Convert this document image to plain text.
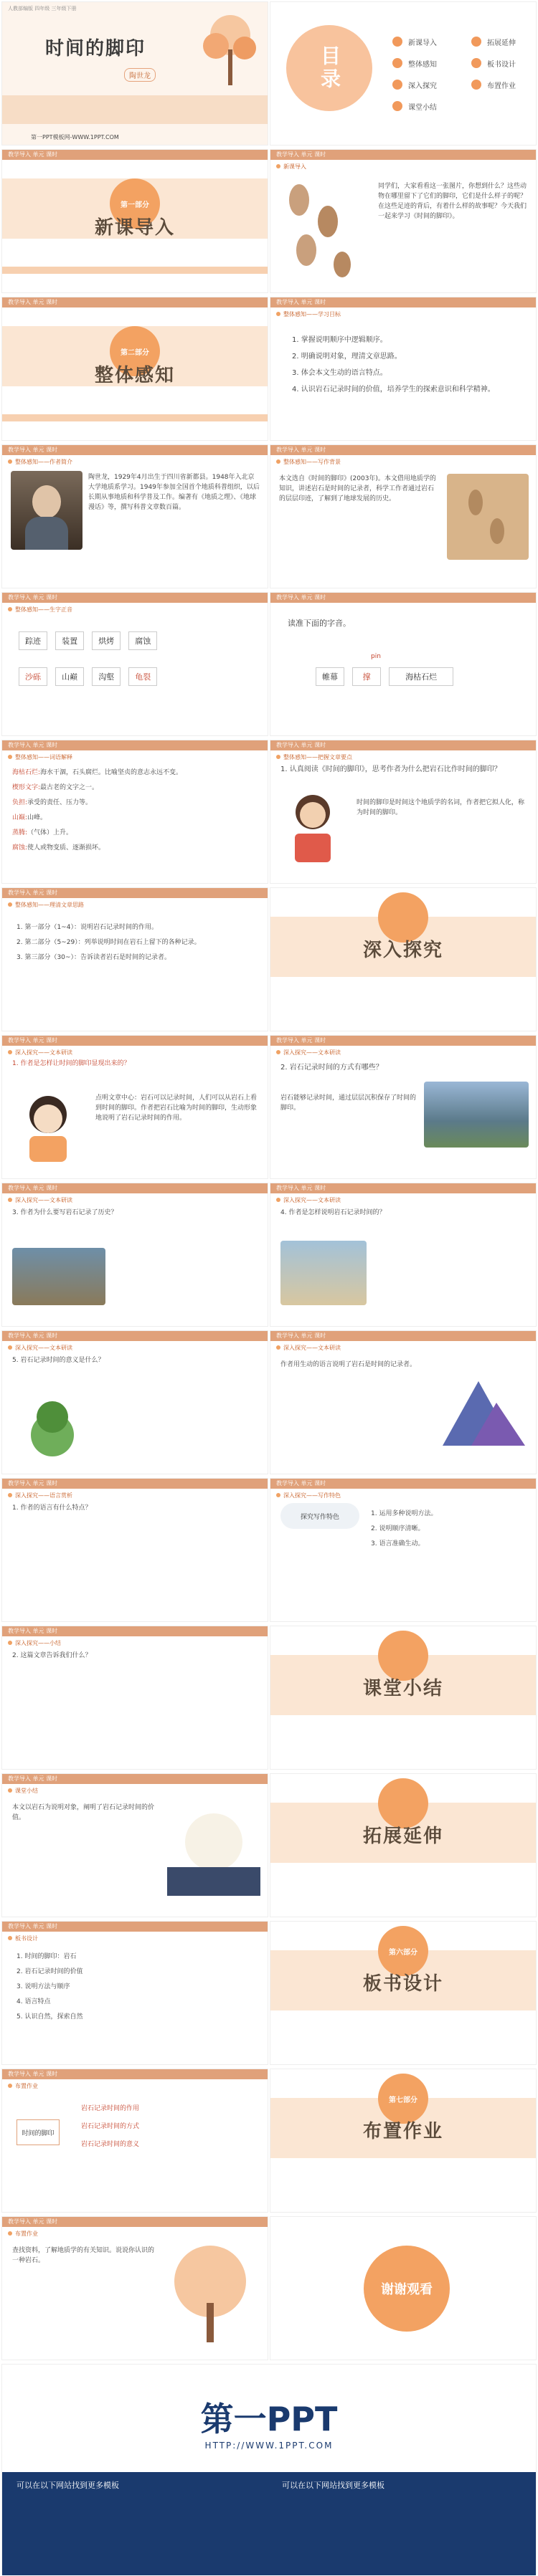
人教部编版 四年级 三年级下册
时间的脚印
陶世龙
第一PPT模板网-WWW.1PPT.COM
目录
新课导入
整体感知
深入探究
课堂小结
拓展延伸
板书设计
布置作业
教学导入 单元 课时
第一部分
新课导入
教学导入 单元 课时
新课导入
同学们，大家看看这一张图片，你想到什么？这些动物在哪里留下了它们的脚印，它们是什么样子的呢？在这些足迹的背后，有着什么样的故事呢？今天我们一起来学习《时间的脚印》。
教学导入 单元 课时
第二部分
整体感知
教学导入 单元 课时
整体感知——学习目标

1. 掌握说明顺序中逻辑顺序。

2. 明确说明对象，理清文章思路。

3. 体会本文生动的语言特点。

4. 认识岩石记录时间的价值，培养学生的探索意识和科学精神。

教学导入 单元 课时
整体感知——作者简介
陶世龙，1929年4月出生于四川省新都县。1948年入北京大学地质系学习。1949年参加全国首个地质科普组织，以后长期从事地质和科学普及工作。编著有《地质之理》、《地球漫话》等，撰写科普文章数百篇。
教学导入 单元 课时
整体感知——写作背景
本文选自《时间的脚印》(2003年)。本文借用地质学的知识，讲述岩石是时间的记录者，科学工作者通过岩石的层层印迹，了解到了地球发展的历史。
教学导入 单元 课时
整体感知——生字正音
踪迹	装置	烘烤	腐蚀
沙砾	山巅	沟壑	龟裂
教学导入 单元 课时
读准下面的字音。
pin
帷幕	撑	海枯石烂
教学导入 单元 课时
整体感知——词语解释

海枯石烂:海水干涸，石头腐烂。比喻坚贞的意志永远不变。

楔形文字:最古老的文字之一。

负担:承受的责任、压力等。

山巅:山峰。

蒸腾:（气体）上升。

腐蚀:使人或物变质、逐渐损坏。

教学导入 单元 课时
整体感知——把握文章要点
1. 认真阅读《时间的脚印》，思考作者为什么把岩石比作时间的脚印？
时间的脚印是时间这个地质学的名词，作者把它拟人化，称为时间的脚印。
教学导入 单元 课时
整体感知——理清文章思路

1. 第一部分（1~4）：说明岩石记录时间的作用。

2. 第二部分（5~29）：列举说明时间在岩石上留下的各种记录。

3. 第三部分（30~）：告诉读者岩石是时间的记录者。	深入探究
教学导入 单元 课时
深入探究——文本研读
1. 作者是怎样让时间的脚印显现出来的？
点明文章中心：岩石可以记录时间，人们可以从岩石上看到时间的脚印。作者把岩石比喻为时间的脚印，生动形象地说明了岩石记录时间的作用。
教学导入 单元 课时
深入探究——文本研读
2. 岩石记录时间的方式有哪些？
岩石能够记录时间，通过层层沉积保存了时间的脚印。
教学导入 单元 课时
深入探究——文本研读
3. 作者为什么要写岩石记录了历史？
教学导入 单元 课时
深入探究——文本研读
4. 作者是怎样说明岩石记录时间的？
教学导入 单元 课时
深入探究——文本研读
5. 岩石记录时间的意义是什么？
教学导入 单元 课时
深入探究——文本研读
作者用生动的语言说明了岩石是时间的记录者。
教学导入 单元 课时
深入探究——语言赏析
1. 作者的语言有什么特点？
教学导入 单元 课时
深入探究——写作特色
探究写作特色	1. 运用多种说明方法。

2. 说明顺序清晰。

3. 语言准确生动。

教学导入 单元 课时
深入探究——小结
2. 这篇文章告诉我们什么？
课堂小结
教学导入 单元 课时
课堂小结
本文以岩石为说明对象，阐明了岩石记录时间的价值。
拓展延伸
教学导入 单元 课时
板书设计

1. 时间的脚印：岩石

2. 岩石记录时间的价值

3. 说明方法与顺序

4. 语言特点

5. 认识自然，探索自然

第六部分
板书设计
教学导入 单元 课时
布置作业
时间的脚印

岩石记录时间的作用

岩石记录时间的方式

岩石记录时间的意义

第七部分
布置作业
教学导入 单元 课时
布置作业
查找资料，了解地质学的有关知识。说说你认识的一种岩石。
谢谢观看
第一PPT
HTTP://WWW.1PPT.COM
可以在以下网站找到更多模板	可以在以下网站找到更多模板
